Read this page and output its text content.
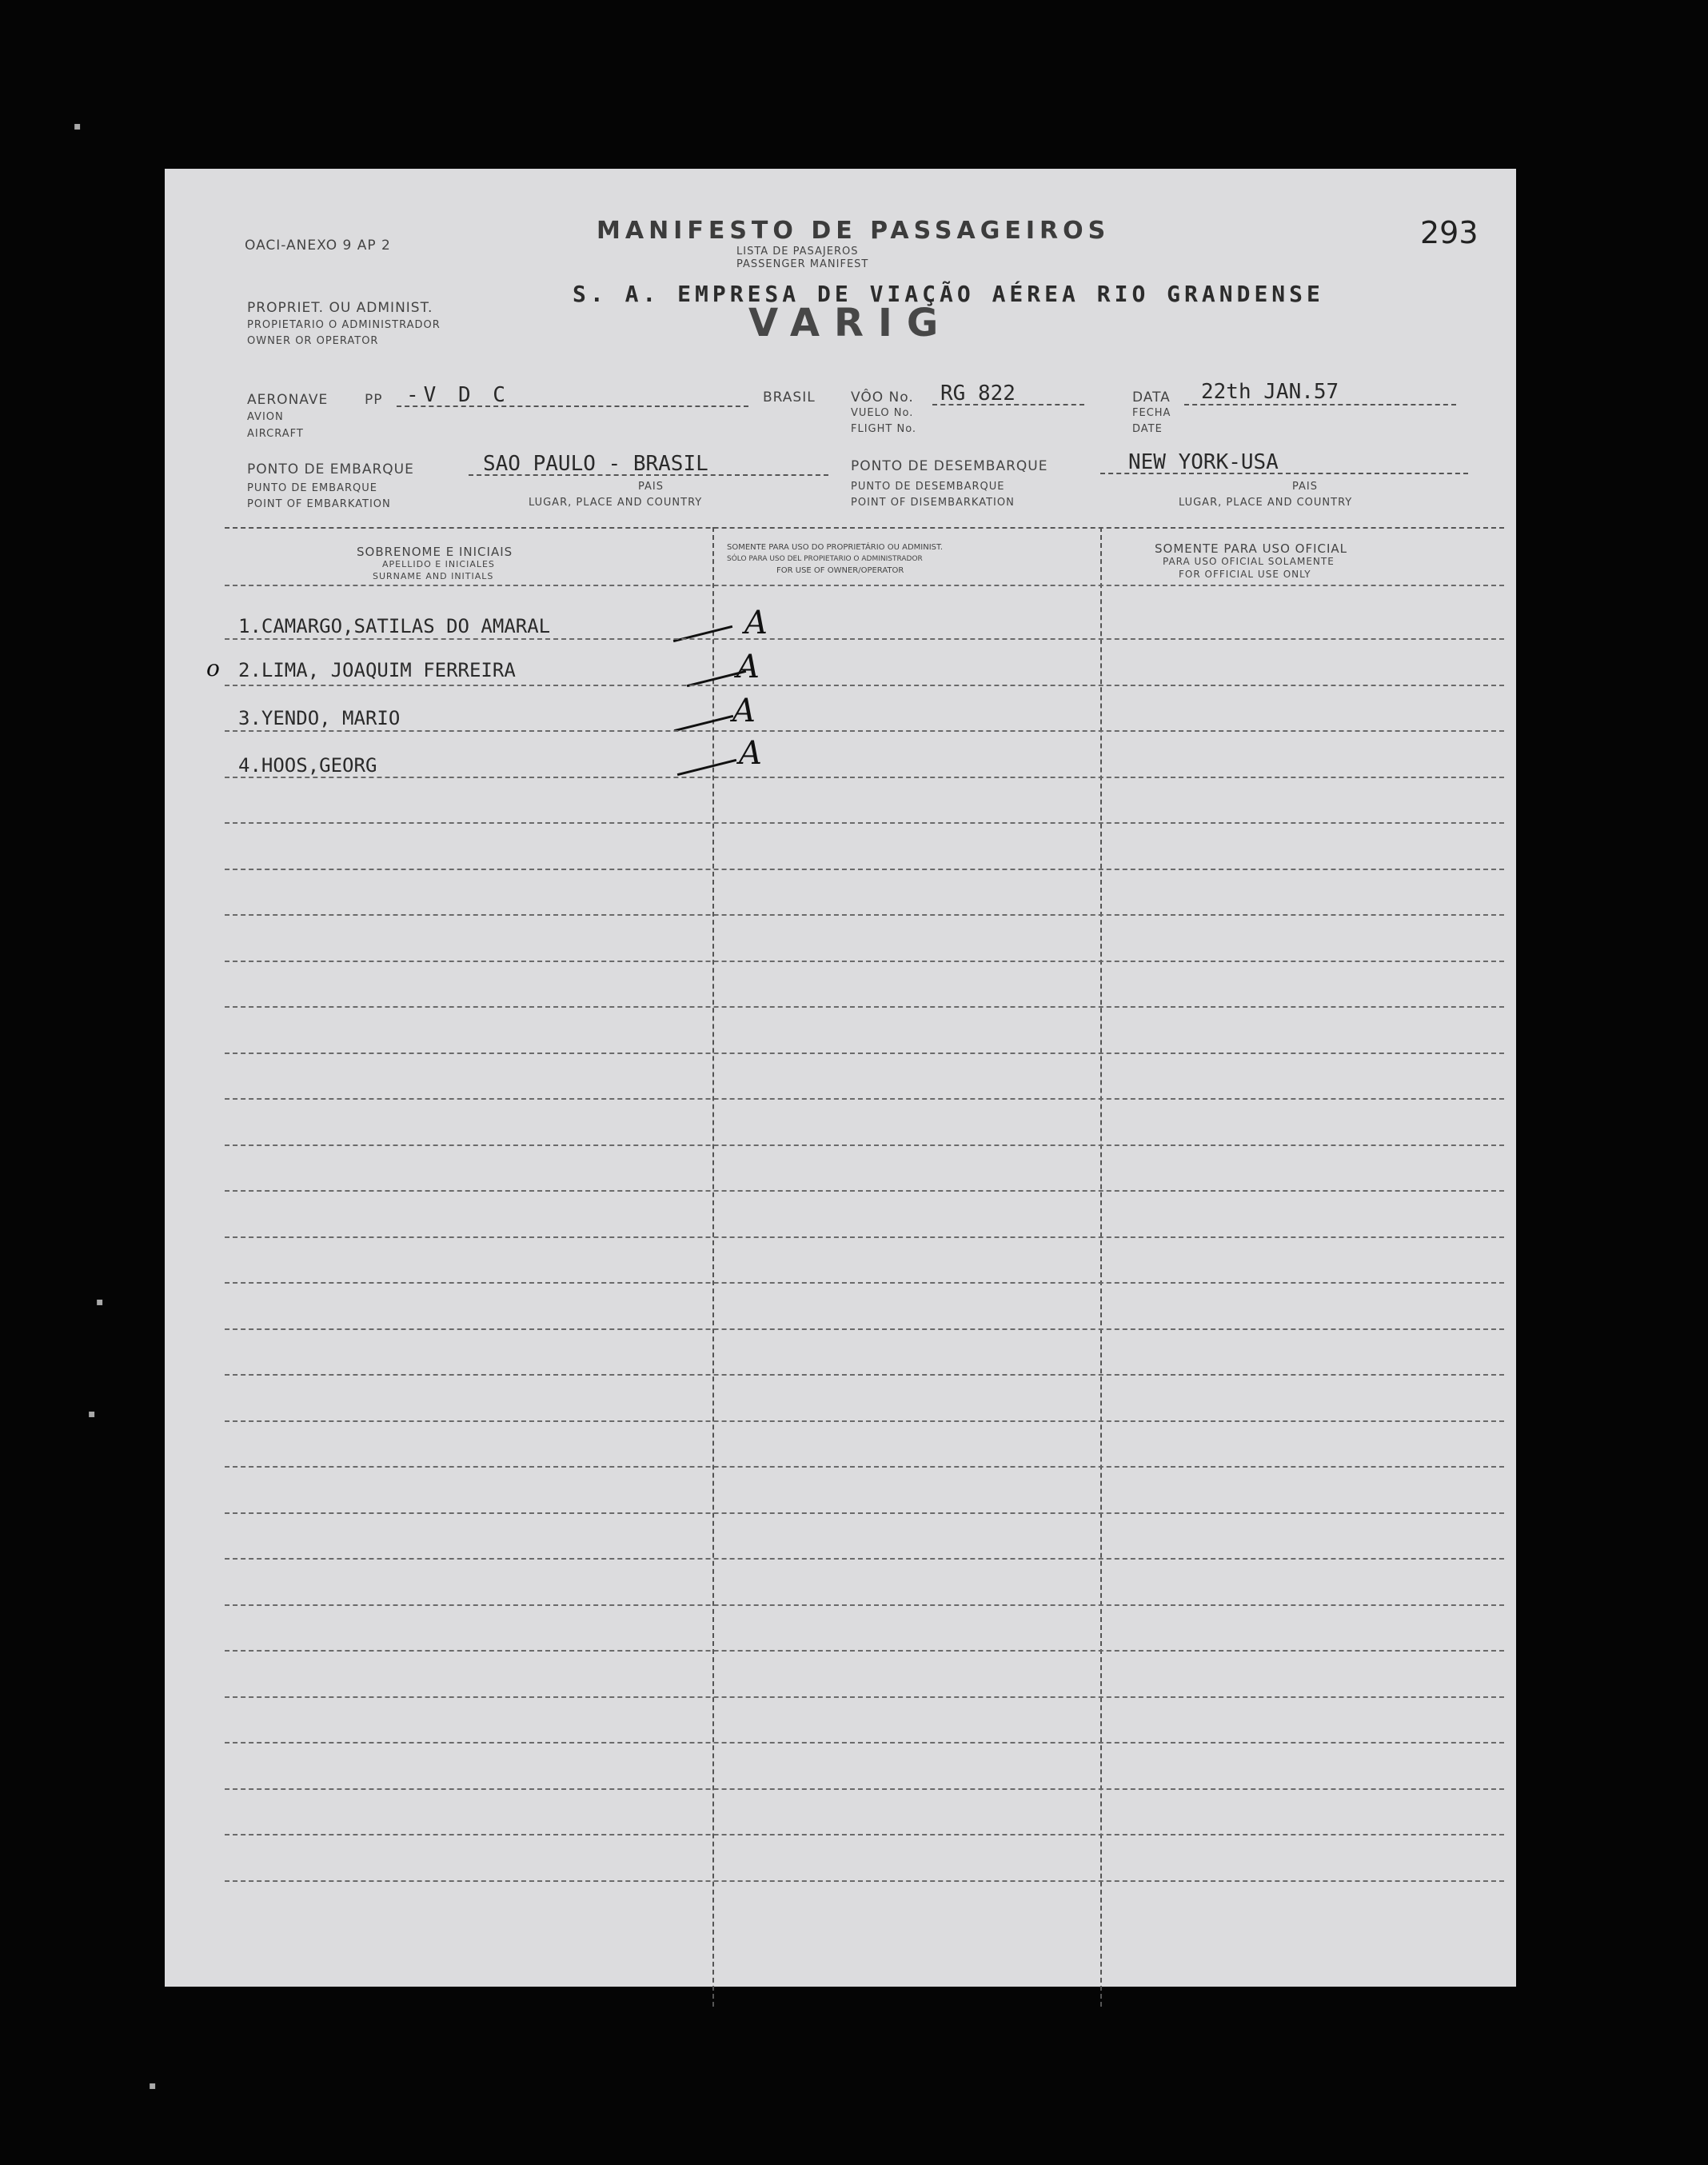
OACI-ANEXO 9 AP 2
MANIFESTO DE PASSAGEIROS
LISTA DE PASAJEROS
PASSENGER MANIFEST
293
PROPRIET. OU ADMINIST.
PROPIETARIO O ADMINISTRADOR
OWNER OR OPERATOR
S. A. EMPRESA DE VIAÇÃO AÉREA RIO GRANDENSE
VARIG
AERONAVE	PP -V D C	BRASIL
AVION
AIRCRAFT
VÔO No. RG 822
VUELO No.
FLIGHT No.
DATA 22th JAN.57
FECHA
DATE
PONTO DE EMBARQUE
PUNTO DE EMBARQUE
POINT OF EMBARKATION
SAO PAULO - BRASIL
PAIS
LUGAR, PLACE AND COUNTRY
PONTO DE DESEMBARQUE
PUNTO DE DESEMBARQUE
POINT OF DISEMBARKATION
NEW YORK-USA
PAIS
LUGAR, PLACE AND COUNTRY
SOBRENOME E INICIAIS
APELLIDO E INICIALES
SURNAME AND INITIALS
SOMENTE PARA USO DO PROPRIETÁRIO OU ADMINIST.
SÓLO PARA USO DEL PROPIETARIO O ADMINISTRADOR
FOR USE OF OWNER/OPERATOR
SOMENTE PARA USO OFICIAL
PARA USO OFICIAL SOLAMENTE
FOR OFFICIAL USE ONLY
1.CAMARGO,SATILAS DO AMARAL
2.LIMA, JOAQUIM FERREIRA
3.YENDO, MARIO
4.HOOS,GEORG
o
A
A
A
A
▪
▪
▪
▪
